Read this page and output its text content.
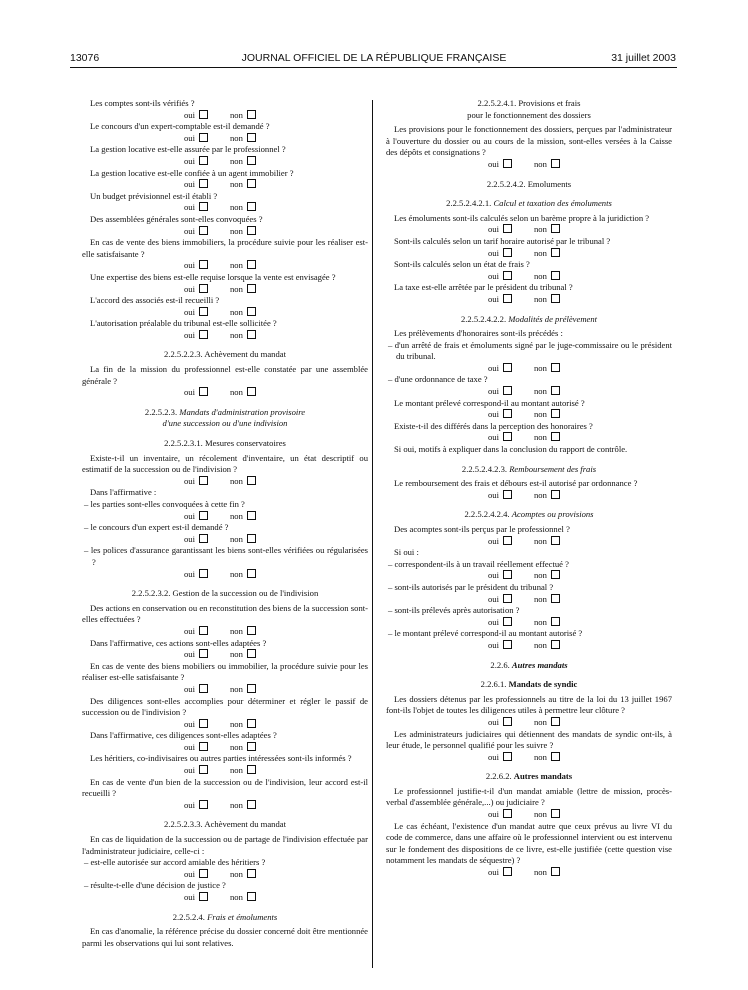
13076	JOURNAL OFFICIEL DE LA RÉPUBLIQUE FRANÇAISE	31 juillet 2003
Les comptes sont-ils vérifiés ?
oui	non
Le concours d'un expert-comptable est-il demandé ?
oui	non
La gestion locative est-elle assurée par le professionnel ?
oui	non
La gestion locative est-elle confiée à un agent immobilier ?
oui	non
Un budget prévisionnel est-il établi ?
oui	non
Des assemblées générales sont-elles convoquées ?
oui	non
En cas de vente des biens immobiliers, la procédure suivie pour les réaliser est-elle satisfaisante ?
oui	non
Une expertise des biens est-elle requise lorsque la vente est envisagée ?
oui	non
L'accord des associés est-il recueilli ?
oui	non
L'autorisation préalable du tribunal est-elle sollicitée ?
oui	non
2.2.5.2.2.3. Achèvement du mandat
La fin de la mission du professionnel est-elle constatée par une assemblée générale ?
oui	non
2.2.5.2.3. Mandats d'administration provisoire
d'une succession ou d'une indivision
2.2.5.2.3.1. Mesures conservatoires
Existe-t-il un inventaire, un récolement d'inventaire, un état descriptif ou estimatif de la succession ou de l'indivision ?
oui	non
Dans l'affirmative :
– les parties sont-elles convoquées à cette fin ?
oui	non
– le concours d'un expert est-il demandé ?
oui	non
– les polices d'assurance garantissant les biens sont-elles vérifiées ou régularisées ?
oui	non
2.2.5.2.3.2. Gestion de la succession ou de l'indivision
Des actions en conservation ou en reconstitution des biens de la succession sont-elles effectuées ?
oui	non
Dans l'affirmative, ces actions sont-elles adaptées ?
oui	non
En cas de vente des biens mobiliers ou immobilier, la procédure suivie pour les réaliser est-elle satisfaisante ?
oui	non
Des diligences sont-elles accomplies pour déterminer et régler le passif de succession ou de l'indivision ?
oui	non
Dans l'affirmative, ces diligences sont-elles adaptées ?
oui	non
Les héritiers, co-indivisaires ou autres parties intéressées sont-ils informés ?
oui	non
En cas de vente d'un bien de la succession ou de l'indivision, leur accord est-il recueilli ?
oui	non
2.2.5.2.3.3. Achèvement du mandat
En cas de liquidation de la succession ou de partage de l'indivision effectuée par l'administrateur judiciaire, celle-ci :
– est-elle autorisée sur accord amiable des héritiers ?
oui	non
– résulte-t-elle d'une décision de justice ?
oui	non
2.2.5.2.4. Frais et émoluments
En cas d'anomalie, la référence précise du dossier concerné doit être mentionnée parmi les observations qui lui sont relatives.
2.2.5.2.4.1. Provisions et frais
pour le fonctionnement des dossiers
Les provisions pour le fonctionnement des dossiers, perçues par l'administrateur à l'ouverture du dossier ou au cours de la mission, sont-elles versées à la Caisse des dépôts et consignations ?
oui	non
2.2.5.2.4.2. Emoluments
2.2.5.2.4.2.1. Calcul et taxation des émoluments
Les émoluments sont-ils calculés selon un barème propre à la juridiction ?
oui	non
Sont-ils calculés selon un tarif horaire autorisé par le tribunal ?
oui	non
Sont-ils calculés selon un état de frais ?
oui	non
La taxe est-elle arrêtée par le président du tribunal ?
oui	non
2.2.5.2.4.2.2. Modalités de prélèvement
Les prélèvements d'honoraires sont-ils précédés :
– d'un arrêté de frais et émoluments signé par le juge-commissaire ou le président du tribunal.
oui	non
– d'une ordonnance de taxe ?
oui	non
Le montant prélevé correspond-il au montant autorisé ?
oui	non
Existe-t-il des différés dans la perception des honoraires ?
oui	non
Si oui, motifs à expliquer dans la conclusion du rapport de contrôle.
2.2.5.2.4.2.3. Remboursement des frais
Le remboursement des frais et débours est-il autorisé par ordonnance ?
oui	non
2.2.5.2.4.2.4. Acomptes ou provisions
Des acomptes sont-ils perçus par le professionnel ?
oui	non
Si oui :
– correspondent-ils à un travail réellement effectué ?
oui	non
– sont-ils autorisés par le président du tribunal ?
oui	non
– sont-ils prélevés après autorisation ?
oui	non
– le montant prélevé correspond-il au montant autorisé ?
oui	non
2.2.6. Autres mandats
2.2.6.1. Mandats de syndic
Les dossiers détenus par les professionnels au titre de la loi du 13 juillet 1967 font-ils l'objet de toutes les diligences utiles à permettre leur clôture ?
oui	non
Les administrateurs judiciaires qui détiennent des mandats de syndic ont-ils, à leur étude, le personnel qualifié pour les suivre ?
oui	non
2.2.6.2. Autres mandats
Le professionnel justifie-t-il d'un mandat amiable (lettre de mission, procès-verbal d'assemblée générale,...) ou judiciaire ?
oui	non
Le cas échéant, l'existence d'un mandat autre que ceux prévus au livre VI du code de commerce, dans une affaire où le professionnel intervient ou est intervenu sur le fondement des dispositions de ce livre, est-elle justifiée (cette question vise notamment les mandats de séquestre) ?
oui	non
